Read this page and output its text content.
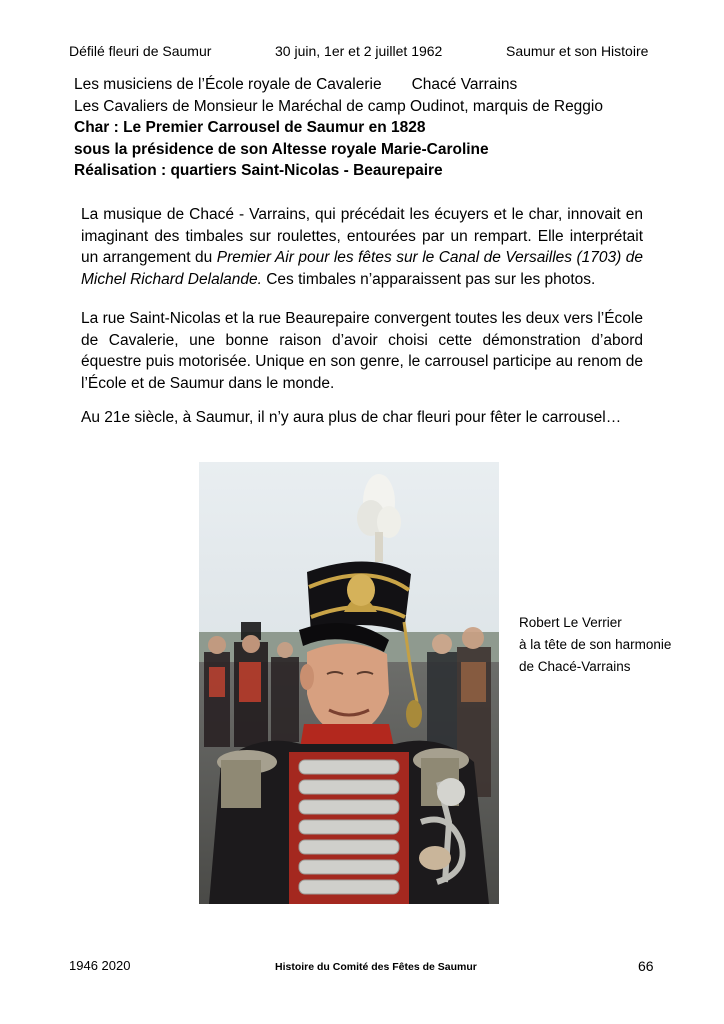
Défilé fleuri de Saumur	30 juin, 1er et 2 juillet 1962	Saumur et son Histoire
Les musiciens de l’École royale de Cavalerie Chacé Varrains
Les Cavaliers de Monsieur le Maréchal de camp Oudinot, marquis de Reggio
Char : Le Premier Carrousel de Saumur en 1828
sous la présidence de son Altesse royale Marie-Caroline
Réalisation : quartiers Saint-Nicolas - Beaurepaire

La musique de Chacé - Varrains, qui précédait les écuyers et le char, innovait en imaginant des timbales sur roulettes, entourées par un rempart. Elle interprétait un arrangement du Premier Air pour les fêtes sur le Canal de Versailles (1703) de Michel Richard Delalande. Ces timbales n’apparaissent pas sur les photos.

La rue Saint-Nicolas et la rue Beaurepaire convergent toutes les deux vers l’École de Cavalerie, une bonne raison d’avoir choisi cette démonstration d’abord équestre puis motorisée. Unique en son genre, le carrousel participe au renom de l’École et de Saumur dans le monde.

Au 21e siècle, à Saumur, il n’y aura plus de char fleuri pour fêter le carrousel…

Robert Le Verrier
à la tête de son harmonie
de Chacé-Varrains
1946 2020	Histoire du Comité des Fêtes de Saumur	66
